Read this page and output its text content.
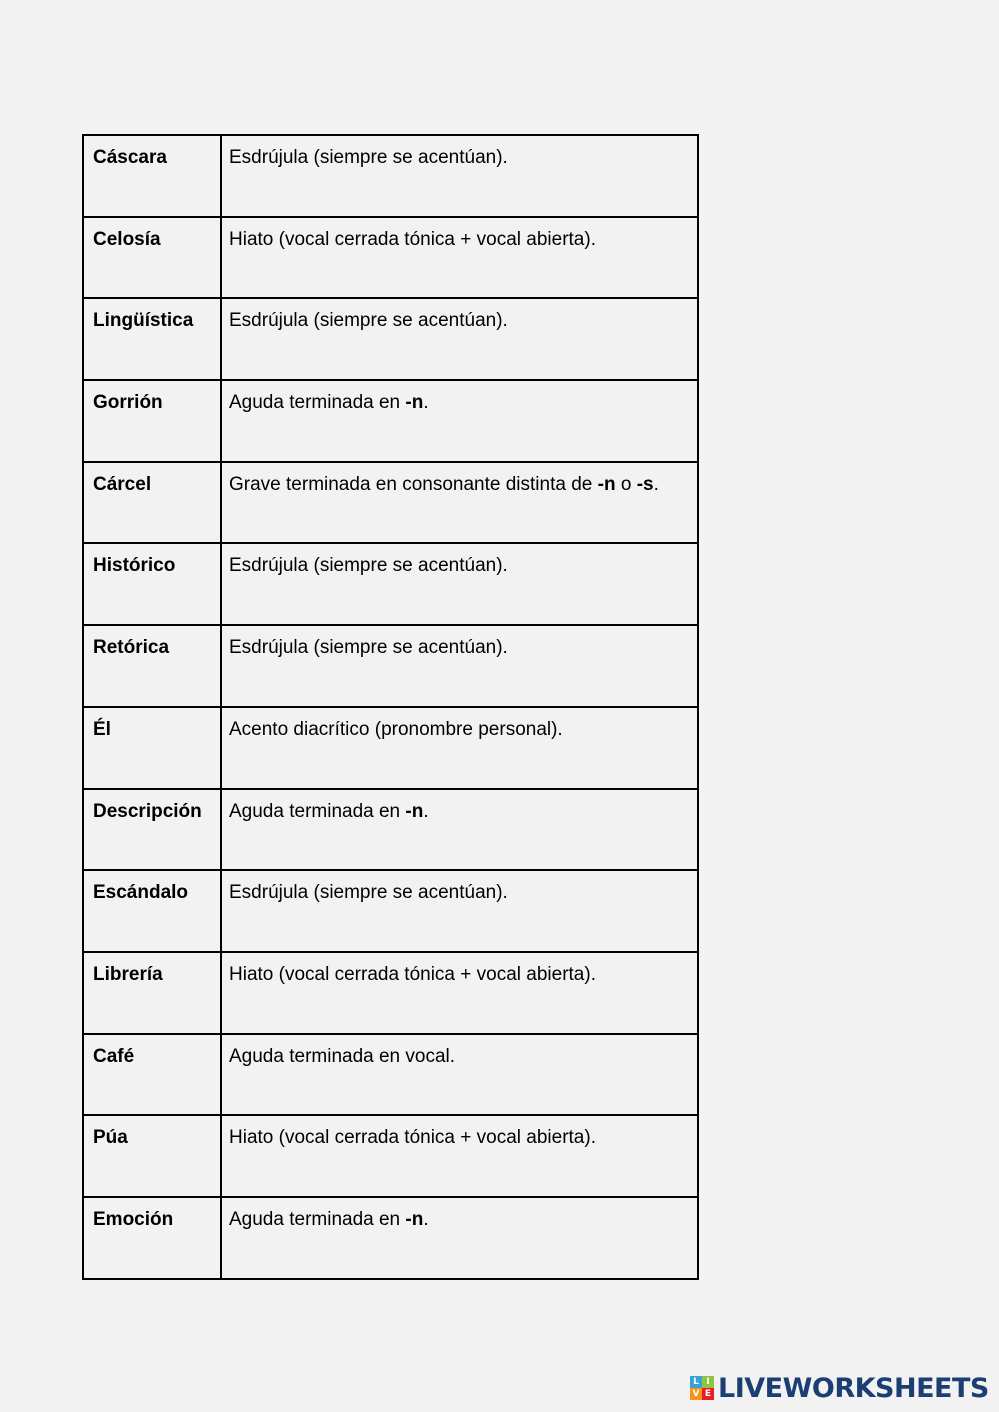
Cáscara	Esdrújula (siempre se acentúan).
Celosía	Hiato (vocal cerrada tónica + vocal abierta).
Lingüística	Esdrújula (siempre se acentúan).
Gorrión	Aguda terminada en -n.
Cárcel	Grave terminada en consonante distinta de -n o -s.
Histórico	Esdrújula (siempre se acentúan).
Retórica	Esdrújula (siempre se acentúan).
Él	Acento diacrítico (pronombre personal).
Descripción	Aguda terminada en -n.
Escándalo	Esdrújula (siempre se acentúan).
Librería	Hiato (vocal cerrada tónica + vocal abierta).
Café	Aguda terminada en vocal.
Púa	Hiato (vocal cerrada tónica + vocal abierta).
Emoción	Aguda terminada en -n.
L I
V E LIVEWORKSHEETS
